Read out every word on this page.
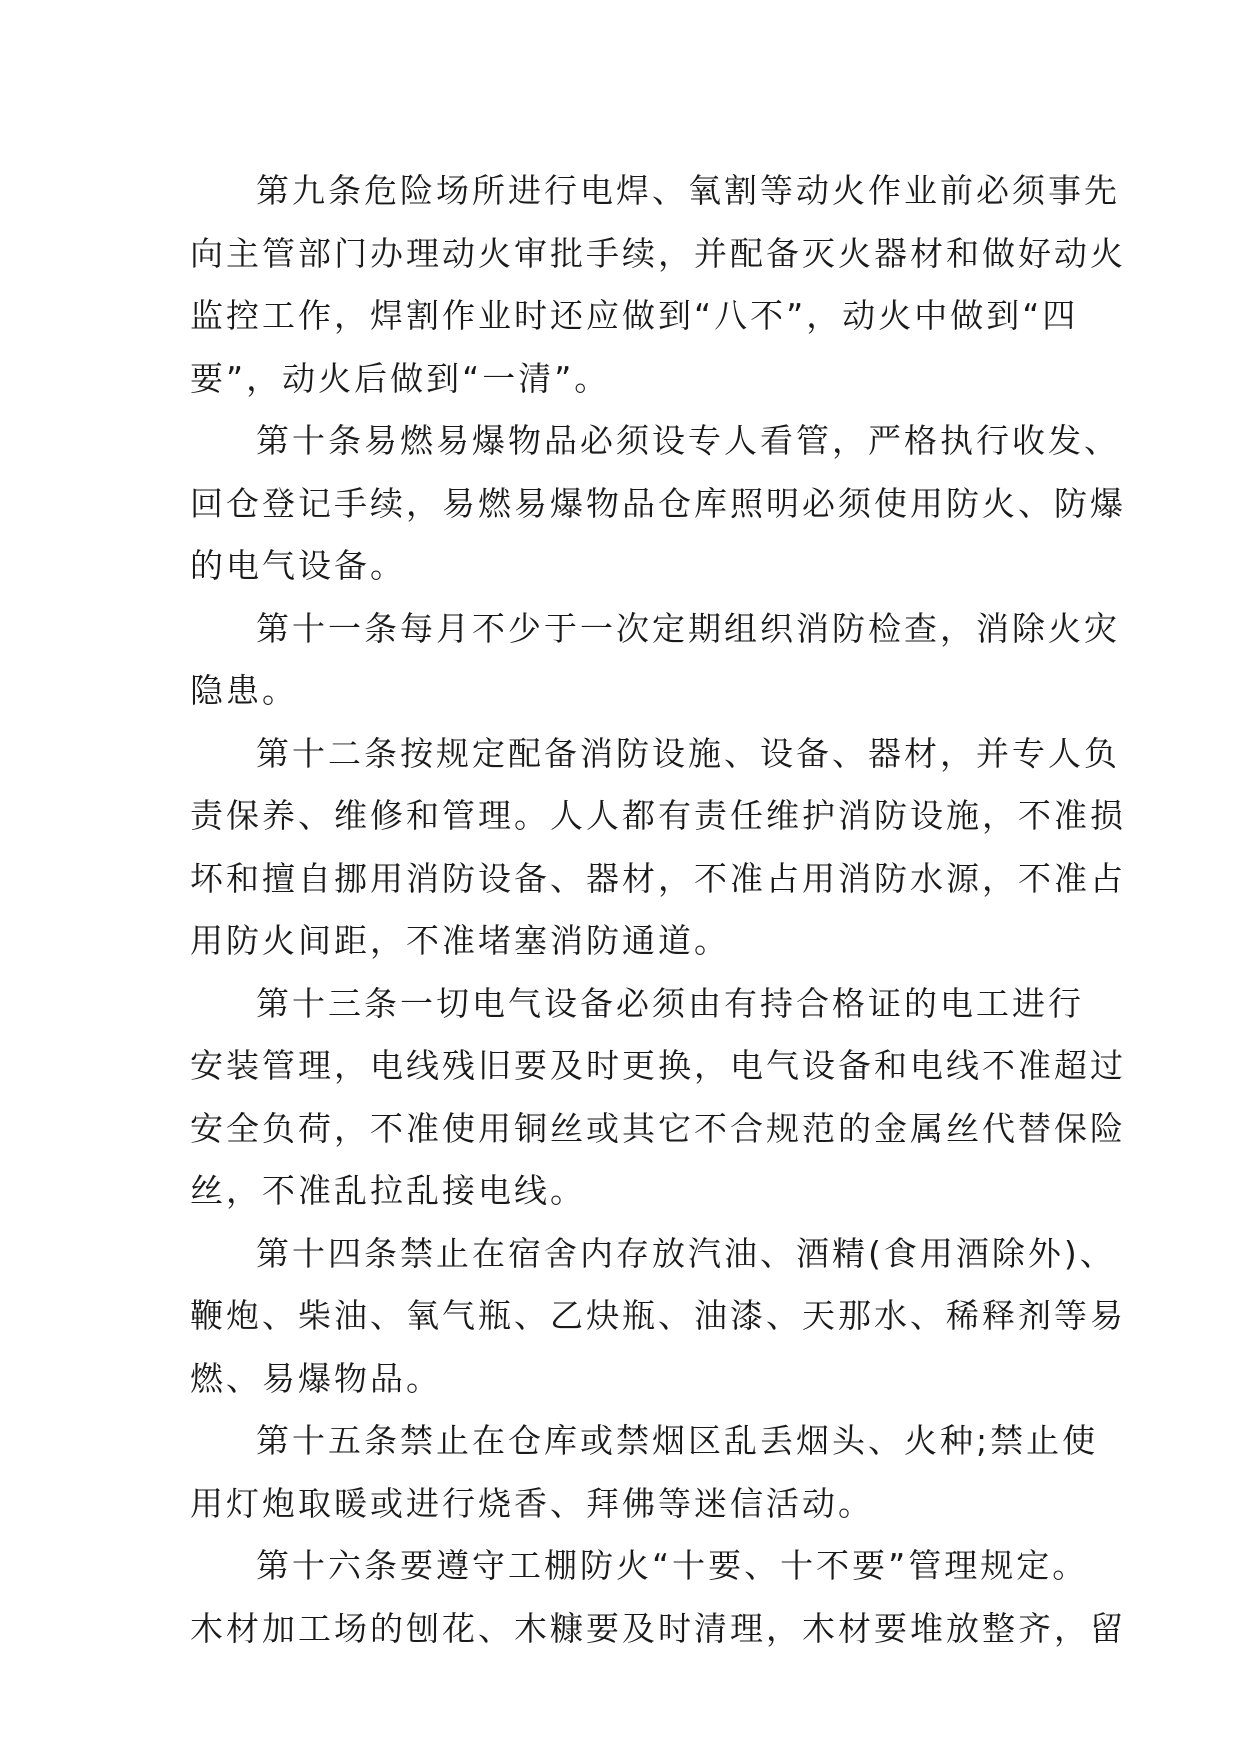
第九条危险场所进行电焊、氧割等动火作业前必须事先
向主管部门办理动火审批手续，并配备灭火器材和做好动火
监控工作，焊割作业时还应做到“八不”，动火中做到“四
要”，动火后做到“一清”。
第十条易燃易爆物品必须设专人看管，严格执行收发、
回仓登记手续，易燃易爆物品仓库照明必须使用防火、防爆
的电气设备。
第十一条每月不少于一次定期组织消防检查，消除火灾
隐患。
第十二条按规定配备消防设施、设备、器材，并专人负
责保养、维修和管理。人人都有责任维护消防设施，不准损
坏和擅自挪用消防设备、器材，不准占用消防水源，不准占
用防火间距，不准堵塞消防通道。
第十三条一切电气设备必须由有持合格证的电工进行
安装管理，电线残旧要及时更换，电气设备和电线不准超过
安全负荷，不准使用铜丝或其它不合规范的金属丝代替保险
丝，不准乱拉乱接电线。
第十四条禁止在宿舍内存放汽油、酒精(食用酒除外)、
鞭炮、柴油、氧气瓶、乙炔瓶、油漆、天那水、稀释剂等易
燃、易爆物品。
第十五条禁止在仓库或禁烟区乱丢烟头、火种;禁止使
用灯炮取暖或进行烧香、拜佛等迷信活动。
第十六条要遵守工棚防火“十要、十不要”管理规定。
木材加工场的刨花、木糠要及时清理，木材要堆放整齐，留
